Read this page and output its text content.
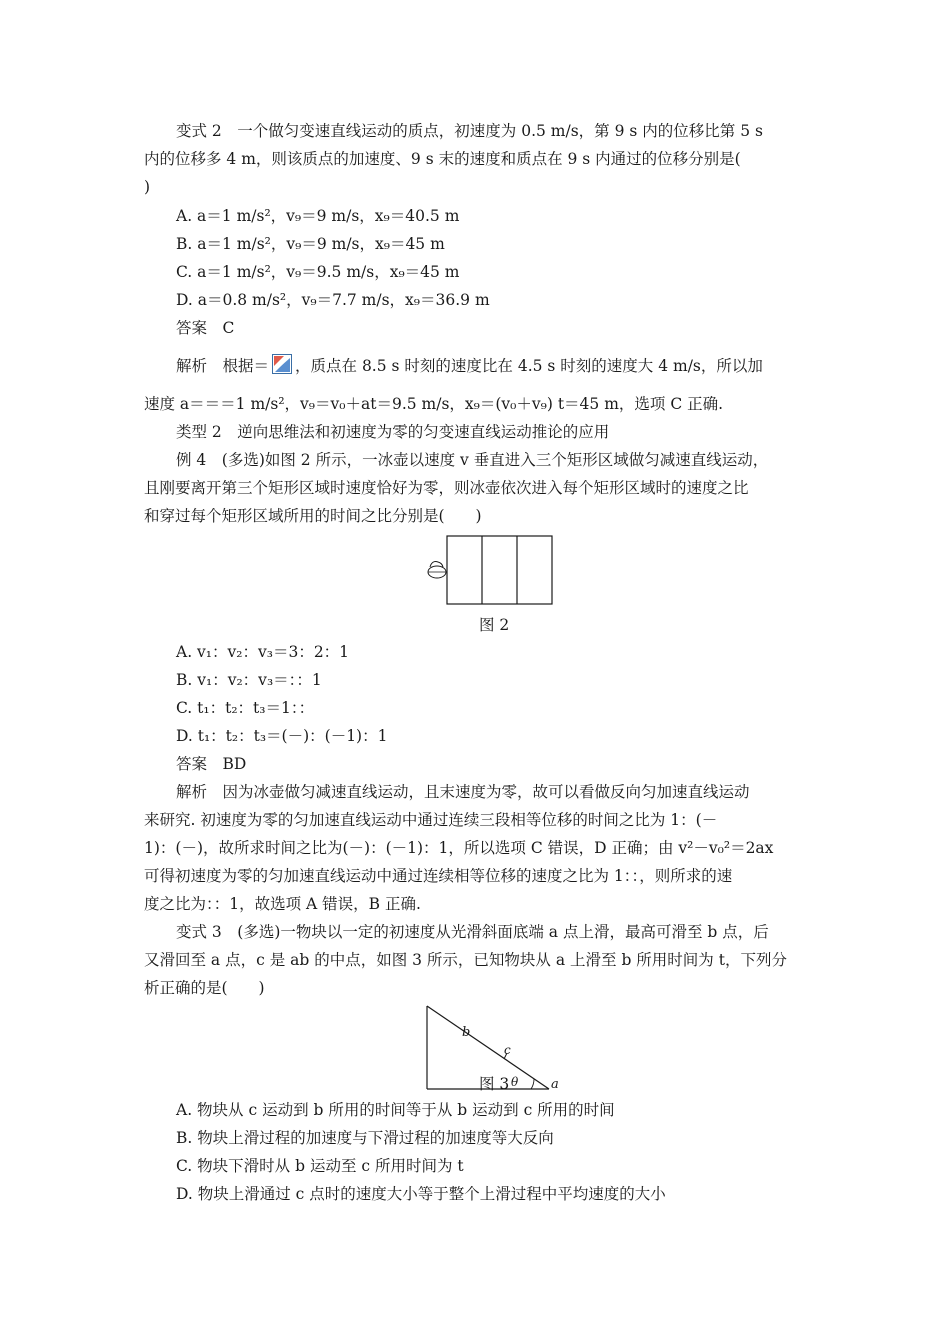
变式 2　一个做匀变速直线运动的质点，初速度为 0.5 m/s，第 9 s 内的位移比第 5 s
内的位移多 4 m，则该质点的加速度、9 s 末的速度和质点在 9 s 内通过的位移分别是(
)
A. a＝1 m/s²，v₉＝9 m/s，x₉＝40.5 m
B. a＝1 m/s²，v₉＝9 m/s，x₉＝45 m
C. a＝1 m/s²，v₉＝9.5 m/s，x₉＝45 m
D. a＝0.8 m/s²，v₉＝7.7 m/s，x₉＝36.9 m
答案　C
解析　根据＝ ，质点在 8.5 s 时刻的速度比在 4.5 s 时刻的速度大 4 m/s，所以加
速度 a＝＝＝1 m/s²，v₉＝v₀＋at＝9.5 m/s，x₉＝(v₀＋v₉) t＝45 m，选项 C 正确.
类型 2　逆向思维法和初速度为零的匀变速直线运动推论的应用
例 4　(多选)如图 2 所示，一冰壶以速度 v 垂直进入三个矩形区域做匀减速直线运动，
且刚要离开第三个矩形区域时速度恰好为零，则冰壶依次进入每个矩形区域时的速度之比
和穿过每个矩形区域所用的时间之比分别是(　　)
图 2
A. v₁：v₂：v₃＝3：2：1
B. v₁：v₂：v₃＝：：1
C. t₁：t₂：t₃＝1：：
D. t₁：t₂：t₃＝(－)：(－1)：1
答案　BD
解析　因为冰壶做匀减速直线运动，且末速度为零，故可以看做反向匀加速直线运动
来研究. 初速度为零的匀加速直线运动中通过连续三段相等位移的时间之比为 1：(－
1)：(－)，故所求时间之比为(－)：(－1)：1，所以选项 C 错误，D 正确；由 v²－v₀²＝2ax
可得初速度为零的匀加速直线运动中通过连续相等位移的速度之比为 1：：，则所求的速
度之比为：：1，故选项 A 错误，B 正确.
变式 3　(多选)一物块以一定的初速度从光滑斜面底端 a 点上滑，最高可滑至 b 点，后
又滑回至 a 点，c 是 ab 的中点，如图 3 所示，已知物块从 a 上滑至 b 所用时间为 t，下列分
析正确的是(　　)
b
c
θ	a
图 3
A. 物块从 c 运动到 b 所用的时间等于从 b 运动到 c 所用的时间
B. 物块上滑过程的加速度与下滑过程的加速度等大反向
C. 物块下滑时从 b 运动至 c 所用时间为 t
D. 物块上滑通过 c 点时的速度大小等于整个上滑过程中平均速度的大小
